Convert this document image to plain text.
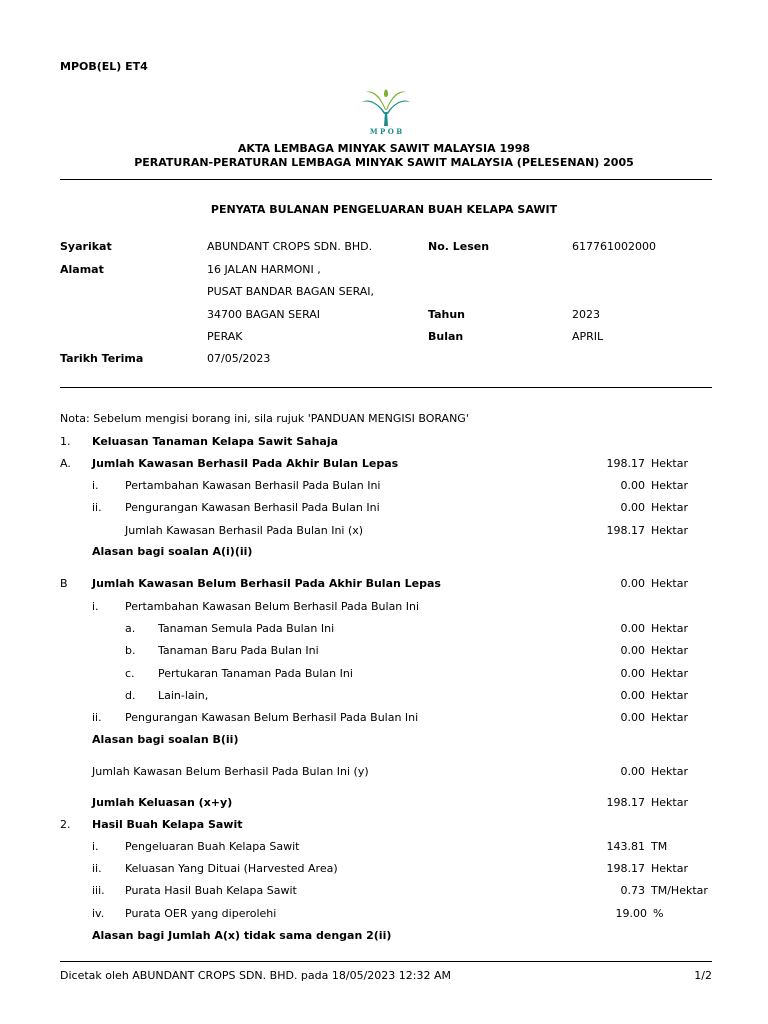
MPOB(EL) ET4
M P O B
AKTA LEMBAGA MINYAK SAWIT MALAYSIA 1998
PERATURAN-PERATURAN LEMBAGA MINYAK SAWIT MALAYSIA (PELESENAN) 2005
PENYATA BULANAN PENGELUARAN BUAH KELAPA SAWIT
Syarikat	ABUNDANT CROPS SDN. BHD.	No. Lesen	617761002000
Alamat	16 JALAN HARMONI ,
PUSAT BANDAR BAGAN SERAI,
34700 BAGAN SERAI	Tahun	2023
PERAK	Bulan	APRIL
Tarikh Terima	07/05/2023
Nota: Sebelum mengisi borang ini, sila rujuk 'PANDUAN MENGISI BORANG'
1. Keluasan Tanaman Kelapa Sawit Sahaja
A. Jumlah Kawasan Berhasil Pada Akhir Bulan Lepas	198.17 Hektar
i. Pertambahan Kawasan Berhasil Pada Bulan Ini	0.00 Hektar
ii. Pengurangan Kawasan Berhasil Pada Bulan Ini	0.00 Hektar
Jumlah Kawasan Berhasil Pada Bulan Ini (x)	198.17 Hektar
Alasan bagi soalan A(i)(ii)
B Jumlah Kawasan Belum Berhasil Pada Akhir Bulan Lepas	0.00 Hektar
i. Pertambahan Kawasan Belum Berhasil Pada Bulan Ini
a. Tanaman Semula Pada Bulan Ini	0.00 Hektar
b. Tanaman Baru Pada Bulan Ini	0.00 Hektar
c. Pertukaran Tanaman Pada Bulan Ini	0.00 Hektar
d. Lain-lain,	0.00 Hektar
ii. Pengurangan Kawasan Belum Berhasil Pada Bulan Ini	0.00 Hektar
Alasan bagi soalan B(ii)
Jumlah Kawasan Belum Berhasil Pada Bulan Ini (y)	0.00 Hektar
Jumlah Keluasan (x+y)	198.17 Hektar
2. Hasil Buah Kelapa Sawit
i. Pengeluaran Buah Kelapa Sawit	143.81 TM
ii. Keluasan Yang Dituai (Harvested Area)	198.17 Hektar
iii. Purata Hasil Buah Kelapa Sawit	0.73 TM/Hektar
iv. Purata OER yang diperolehi	19.00 %
Alasan bagi Jumlah A(x) tidak sama dengan 2(ii)
Dicetak oleh ABUNDANT CROPS SDN. BHD. pada 18/05/2023 12:32 AM	1/2
